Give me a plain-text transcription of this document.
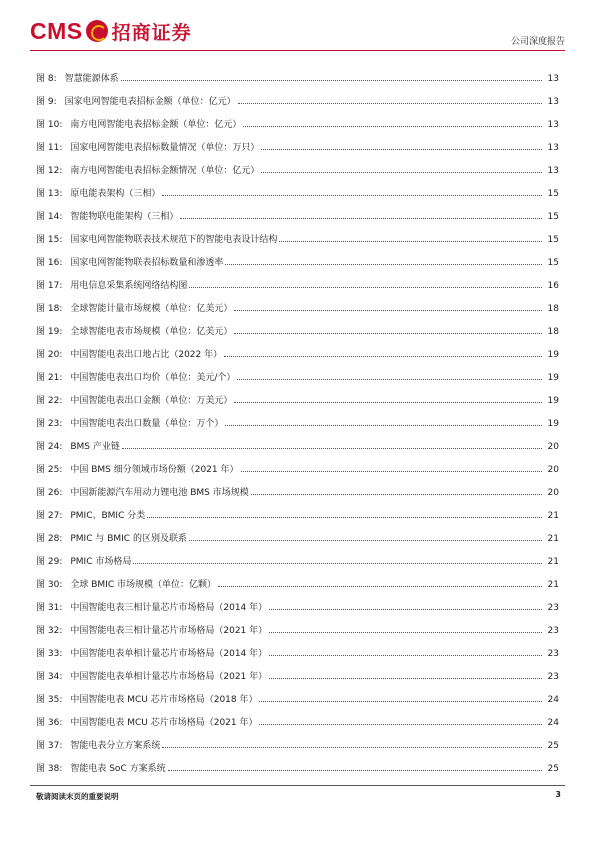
CMS 招商证券	公司深度报告
图 8: 智慧能源体系	13
图 9: 国家电网智能电表招标金额（单位：亿元）	13
图 10: 南方电网智能电表招标金额（单位：亿元）	13
图 11: 国家电网智能电表招标数量情况（单位：万只）	13
图 12: 南方电网智能电表招标金额情况（单位：亿元）	13
图 13: 原电能表架构（三相）	15
图 14: 智能物联电能架构（三相）	15
图 15: 国家电网智能物联表技术规范下的智能电表设计结构	15
图 16: 国家电网智能物联表招标数量和渗透率	15
图 17: 用电信息采集系统网络结构图	16
图 18: 全球智能计量市场规模（单位：亿美元）	18
图 19: 全球智能电表市场规模（单位：亿美元）	18
图 20: 中国智能电表出口地占比（2022 年）	19
图 21: 中国智能电表出口均价（单位：美元/个）	19
图 22: 中国智能电表出口金额（单位：万美元）	19
图 23: 中国智能电表出口数量（单位：万个）	19
图 24: BMS 产业链	20
图 25: 中国 BMS 细分领域市场份额（2021 年）	20
图 26: 中国新能源汽车用动力锂电池 BMS 市场规模	20
图 27: PMIC、BMIC 分类	21
图 28: PMIC 与 BMIC 的区别及联系	21
图 29: PMIC 市场格局	21
图 30: 全球 BMIC 市场规模（单位：亿颗）	21
图 31: 中国智能电表三相计量芯片市场格局（2014 年）	23
图 32: 中国智能电表三相计量芯片市场格局（2021 年）	23
图 33: 中国智能电表单相计量芯片市场格局（2014 年）	23
图 34: 中国智能电表单相计量芯片市场格局（2021 年）	23
图 35: 中国智能电表 MCU 芯片市场格局（2018 年）	24
图 36: 中国智能电表 MCU 芯片市场格局（2021 年）	24
图 37: 智能电表分立方案系统	25
图 38: 智能电表 SoC 方案系统	25
敬请阅读末页的重要说明	3
